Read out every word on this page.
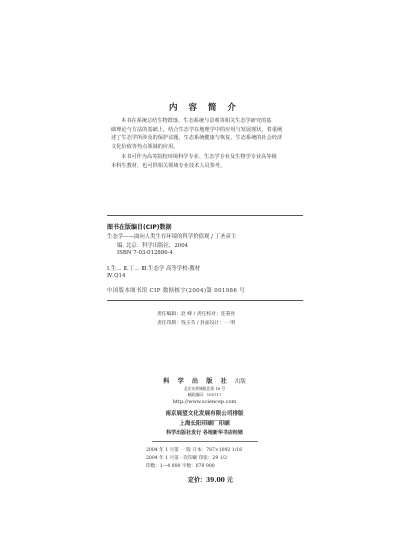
内 容 简 介
本书在系统总结生物群落、生态系统与景观等相关生态学研究的基
础理论与方法的基础上，结合生态学在地理学中的应用与发展现状，着重阐
述了生态学所涉及的保护议题、生态系统健康与恢复、生态系统的社会经济
文化价值等热点领域的应用。
本书可作为高等院校环境科学专业、生态学专业及生物学专业高等级
本科生教材，也可供相关领域专业技术人员参考。
图书在版编目(CIP)数据
生态学——面向人类生存环境的科学价值观 / 丁圣彦主
编. 北京：科学出版社，2004
ISBN 7-03-012886-4
Ⅰ.生… Ⅱ.丁… Ⅲ.生态学 高等学校-教材
Ⅳ.Q14
中国版本图书馆 CIP 数据核字(2004)第 001986 号
责任编辑：赵 峰 / 责任校对：连秉亮
责任印制：钱玉芬 / 封面设计：一 明
科 学 出 版 社 出版
北京东黄城根北街 16 号
邮政编码：100717
http://www.sciencep.com
南京展望文化发展有限公司排版
上海长阳印刷厂印刷
科学出版社发行 各地新华书店经销
2004 年 1 月第 一 版 开本：787×1092 1/16
2004 年 1 月第一次印刷 印张：29 1/2
印数：1—4 000 字数：679 000
定价：39.00 元
